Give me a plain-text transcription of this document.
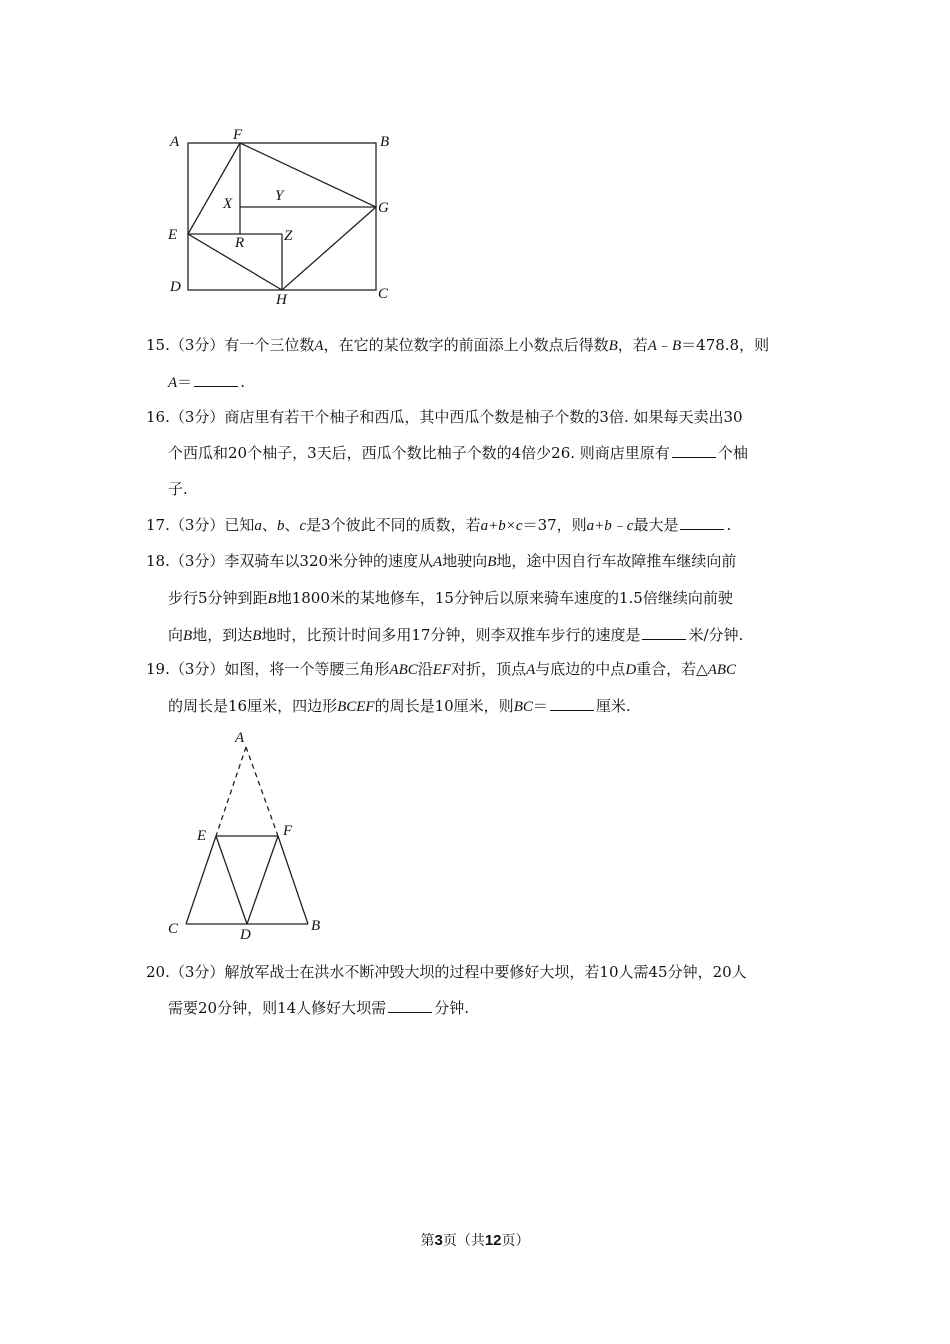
A	F	B
X	Y
G
E	R	Z
D
H	C
15.（3分）有一个三位数A，在它的某位数字的前面添上小数点后得数B，若A﹣B＝478.8，则
A＝	.
16.（3分）商店里有若干个柚子和西瓜，其中西瓜个数是柚子个数的3倍. 如果每天卖出30
个西瓜和20个柚子，3天后，西瓜个数比柚子个数的4倍少26. 则商店里原有	个柚
子.
17.（3分）已知a、b、c是3个彼此不同的质数，若a+b×c＝37，则a+b﹣c最大是	.
18.（3分）李双骑车以320米分钟的速度从A地驶向B地，途中因自行车故障推车继续向前
步行5分钟到距B地1800米的某地修车，15分钟后以原来骑车速度的1.5倍继续向前驶
向B地，到达B地时，比预计时间多用17分钟，则李双推车步行的速度是	米/分钟.
19.（3分）如图，将一个等腰三角形ABC沿EF对折，顶点A与底边的中点D重合，若△ABC
的周长是16厘米，四边形BCEF的周长是10厘米，则BC＝	厘米.
A
E	F
C	D
B
20.（3分）解放军战士在洪水不断冲毁大坝的过程中要修好大坝，若10人需45分钟，20人
需要20分钟，则14人修好大坝需	分钟.
第3页（共12页）
